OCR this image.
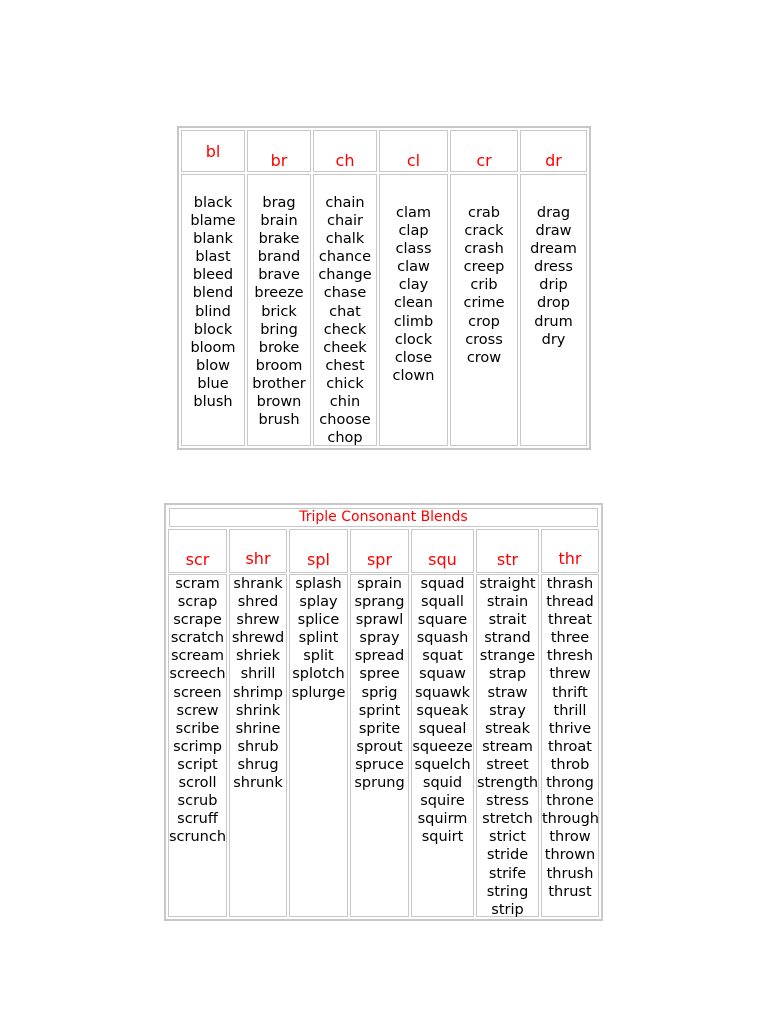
bl
black
blame
blank
blast
bleed
blend
blind
block
bloom
blow
blue
blush
br
brag
brain
brake
brand
brave
breeze
brick
bring
broke
broom
brother
brown
brush
ch
chain
chair
chalk
chance
change
chase
chat
check
cheek
chest
chick
chin
choose
chop
cl
clam
clap
class
claw
clay
clean
climb
clock
close
clown
cr
crab
crack
crash
creep
crib
crime
crop
cross
crow
dr
drag
draw
dream
dress
drip
drop
drum
dry
Triple Consonant Blends
scr
scram
scrap
scrape
scratch
scream
screech
screen
screw
scribe
scrimp
script
scroll
scrub
scruff
scrunch
shr
shrank
shred
shrew
shrewd
shriek
shrill
shrimp
shrink
shrine
shrub
shrug
shrunk
spl
splash
splay
splice
splint
split
splotch
splurge
spr
sprain
sprang
sprawl
spray
spread
spree
sprig
sprint
sprite
sprout
spruce
sprung
squ
squad
squall
square
squash
squat
squaw
squawk
squeak
squeal
squeeze
squelch
squid
squire
squirm
squirt
str
straight
strain
strait
strand
strange
strap
straw
stray
streak
stream
street
strength
stress
stretch
strict
stride
strife
string
strip
thr
thrash
thread
threat
three
thresh
threw
thrift
thrill
thrive
throat
throb
throng
throne
through
throw
thrown
thrush
thrust
